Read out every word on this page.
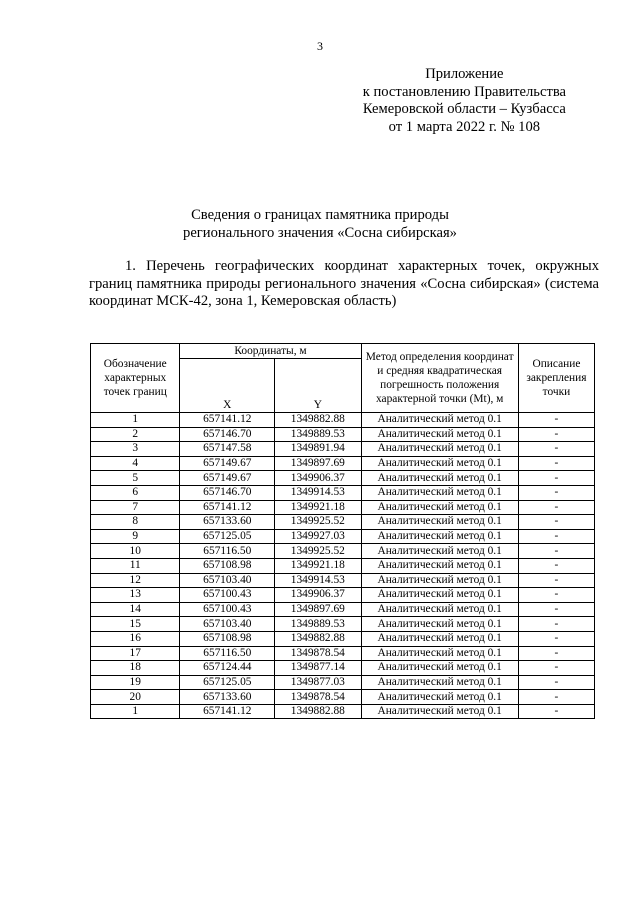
3
Приложение
к постановлению Правительства
Кемеровской области – Кузбасса
от 1 марта 2022 г. № 108
Сведения о границах памятника природы
регионального значения «Сосна сибирская»

1. Перечень географических координат характерных точек, окружных границ памятника природы регионального значения «Сосна сибирская» (система координат МСК-42, зона 1, Кемеровская область)

Обозначение характерных точек границ	Координаты, м		Метод определения координат и средняя квадратическая погрешность положения характерной точки (Mt), м	Описание закрепления точки
	X	Y		
1	657141.12	1349882.88	Аналитический метод 0.1	-
2	657146.70	1349889.53	Аналитический метод 0.1	-
3	657147.58	1349891.94	Аналитический метод 0.1	-
4	657149.67	1349897.69	Аналитический метод 0.1	-
5	657149.67	1349906.37	Аналитический метод 0.1	-
6	657146.70	1349914.53	Аналитический метод 0.1	-
7	657141.12	1349921.18	Аналитический метод 0.1	-
8	657133.60	1349925.52	Аналитический метод 0.1	-
9	657125.05	1349927.03	Аналитический метод 0.1	-
10	657116.50	1349925.52	Аналитический метод 0.1	-
11	657108.98	1349921.18	Аналитический метод 0.1	-
12	657103.40	1349914.53	Аналитический метод 0.1	-
13	657100.43	1349906.37	Аналитический метод 0.1	-
14	657100.43	1349897.69	Аналитический метод 0.1	-
15	657103.40	1349889.53	Аналитический метод 0.1	-
16	657108.98	1349882.88	Аналитический метод 0.1	-
17	657116.50	1349878.54	Аналитический метод 0.1	-
18	657124.44	1349877.14	Аналитический метод 0.1	-
19	657125.05	1349877.03	Аналитический метод 0.1	-
20	657133.60	1349878.54	Аналитический метод 0.1	-
1	657141.12	1349882.88	Аналитический метод 0.1	-
